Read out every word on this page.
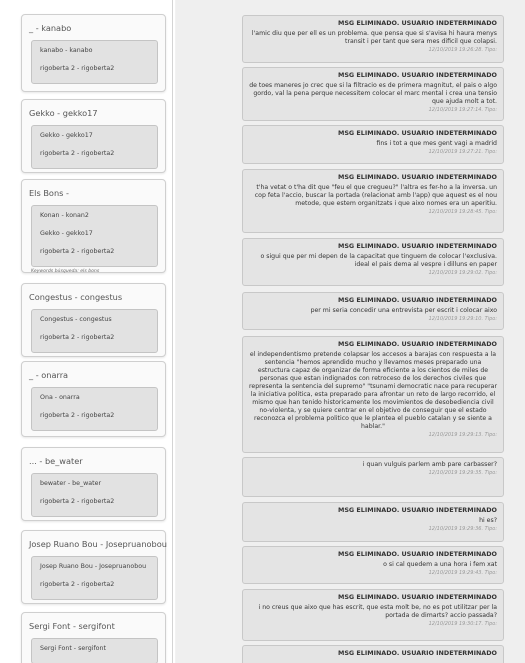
_ - kanabo
kanabo - kanabo
rigoberta 2 - rigoberta2
Gekko - gekko17
Gekko - gekko17
rigoberta 2 - rigoberta2
Els Bons -
Konan - konan2
Gekko - gekko17
rigoberta 2 - rigoberta2
Keywords búsqueda: els bons
Congestus - congestus
Congestus - congestus
rigoberta 2 - rigoberta2
_ - onarra
Ona - onarra
rigoberta 2 - rigoberta2
... - be_water
bewater - be_water
rigoberta 2 - rigoberta2
Josep Ruano Bou - Josepruanobou
Josep Ruano Bou - Josepruanobou
rigoberta 2 - rigoberta2
Sergi Font - sergifont
Sergi Font - sergifont
MSG ELIMINADO. USUARIO INDETERMINADO
l'amic diu que per ell es un problema. que pensa que si s'avisa hi haura menys transit i per tant que sera mes dificil que colapsi.
12/10/2019 19:26:28. Tipo:
MSG ELIMINADO. USUARIO INDETERMINADO
de toes maneres jo crec que si la filtracio es de primera magnitut, el pais o algo gordo, val la pena perque necessitem colocar el marc mental i crea una tensio que ajuda molt a tot.
12/10/2019 19:27:14. Tipo:
MSG ELIMINADO. USUARIO INDETERMINADO
fins i tot a que mes gent vagi a madrid
12/10/2019 19:27:21. Tipo:
MSG ELIMINADO. USUARIO INDETERMINADO
t'ha vetat o t'ha dit que "feu el que cregueu?" l'altra es fer-ho a la inversa. un cop feta l'accio, buscar la portada (relacionat amb l'app) que aquest es el nou metode, que estem organitzats i que aixo nomes era un aperitiu.
12/10/2019 19:28:45. Tipo:
MSG ELIMINADO. USUARIO INDETERMINADO
o sigui que per mi depen de la capacitat que tinguem de colocar l'exclusiva. ideal el pais dema al vespre i dilluns en paper
12/10/2019 19:29:02. Tipo:
MSG ELIMINADO. USUARIO INDETERMINADO
per mi seria concedir una entrevista per escrit i colocar aixo
12/10/2019 19:29:10. Tipo:
MSG ELIMINADO. USUARIO INDETERMINADO
el independentismo pretende colapsar los accesos a barajas con respuesta a la sentencia "hemos aprendido mucho y llevamos meses preparado una estructura capaz de organizar de forma eficiente a los cientos de miles de personas que estan indignados con retroceso de los derechos civiles que representa la sentencia del supremo" "tsunami democratic nace para recuperar la iniciativa politica, esta preparado para afrontar un reto de largo recorrido, el mismo que han tenido historicamente los movimientos de desobediencia civil no-violenta, y se quiere centrar en el objetivo de conseguir que el estado reconozca el problema politico que le plantea el pueblo catalan y se siente a hablar."
12/10/2019 19:29:13. Tipo:
i quan vulguis parlem amb pare carbasser?
12/10/2019 19:29:35. Tipo:
MSG ELIMINADO. USUARIO INDETERMINADO
hi es?
12/10/2019 19:29:36. Tipo:
MSG ELIMINADO. USUARIO INDETERMINADO
o si cal quedem a una hora i fem xat
12/10/2019 19:29:43. Tipo:
MSG ELIMINADO. USUARIO INDETERMINADO
i no creus que aixo que has escrit, que esta molt be, no es pot utilitzar per la portada de dimarts? accio passada?
12/10/2019 19:30:17. Tipo:
MSG ELIMINADO. USUARIO INDETERMINADO
